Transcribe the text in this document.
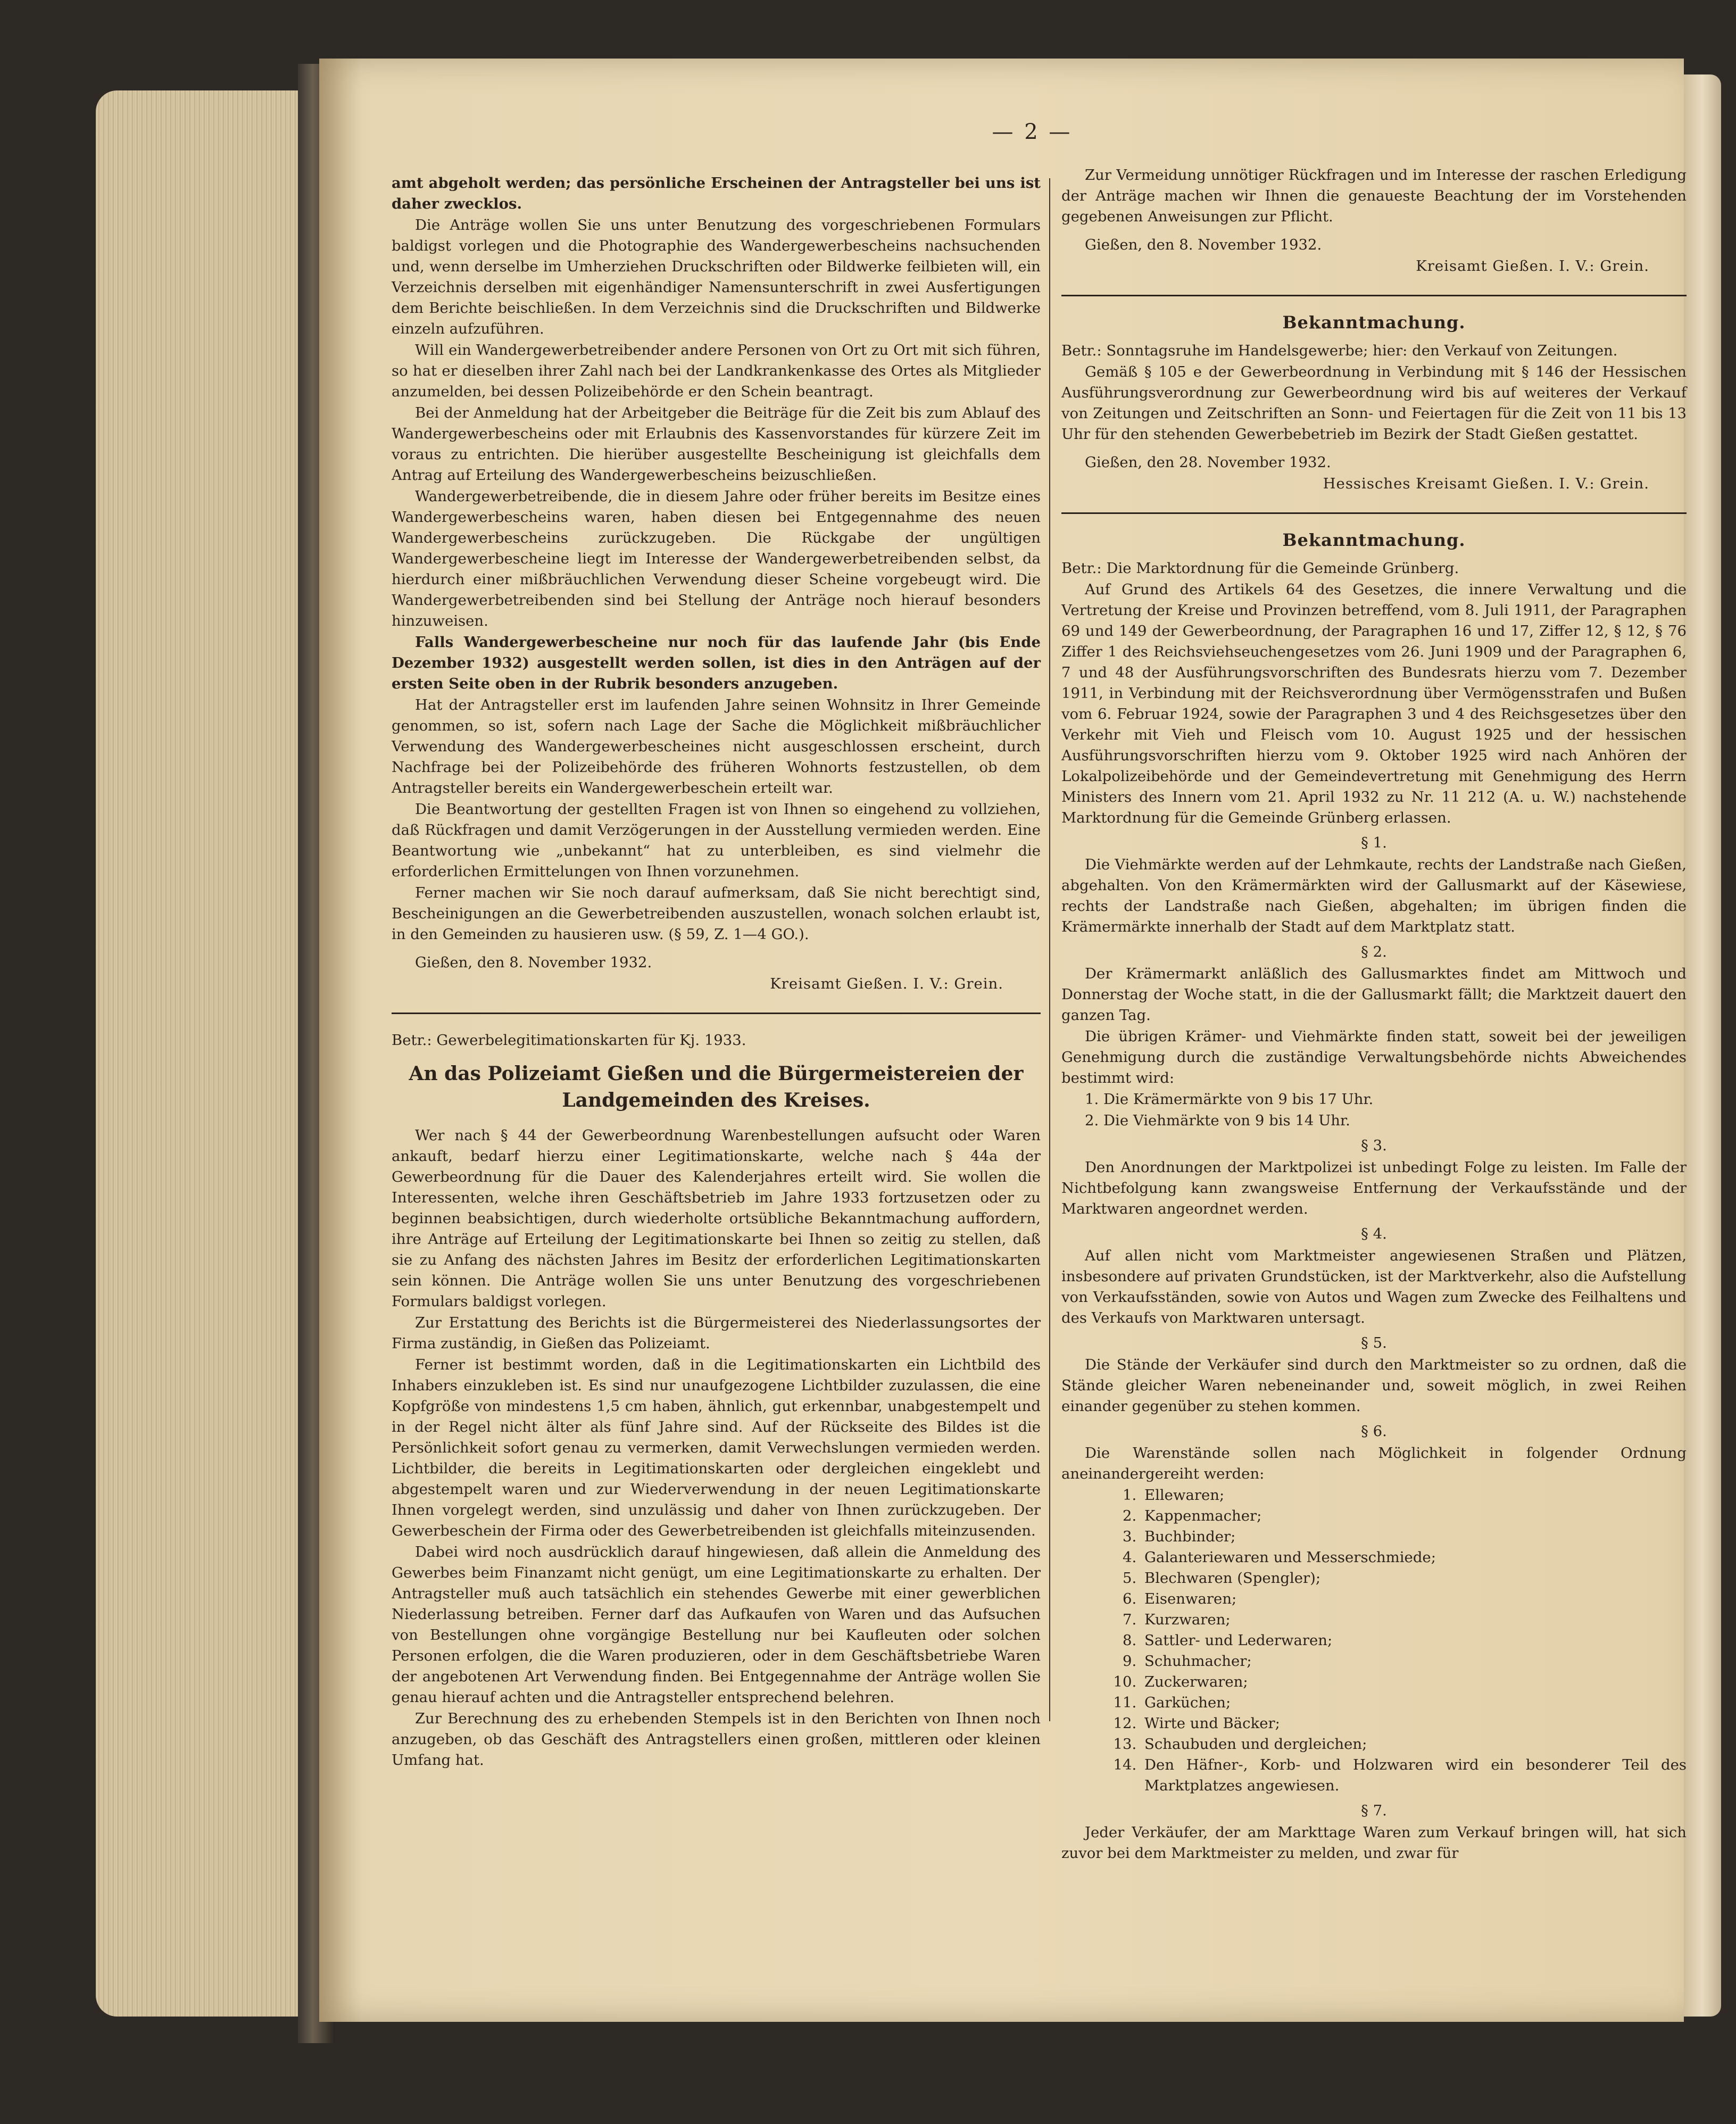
— 2 —

amt abgeholt werden; das persönliche Erscheinen der Antragsteller bei uns ist daher zwecklos.

Die Anträge wollen Sie uns unter Benutzung des vorgeschriebenen Formulars baldigst vorlegen und die Photographie des Wandergewerbescheins nachsuchenden und, wenn derselbe im Umherziehen Druckschriften oder Bildwerke feilbieten will, ein Verzeichnis derselben mit eigenhändiger Namensunterschrift in zwei Ausfertigungen dem Berichte beischließen. In dem Verzeichnis sind die Druckschriften und Bildwerke einzeln aufzuführen.

Will ein Wandergewerbetreibender andere Personen von Ort zu Ort mit sich führen, so hat er dieselben ihrer Zahl nach bei der Landkrankenkasse des Ortes als Mitglieder anzumelden, bei dessen Polizeibehörde er den Schein beantragt.

Bei der Anmeldung hat der Arbeitgeber die Beiträge für die Zeit bis zum Ablauf des Wandergewerbescheins oder mit Erlaubnis des Kassenvorstandes für kürzere Zeit im voraus zu entrichten. Die hierüber ausgestellte Bescheinigung ist gleichfalls dem Antrag auf Erteilung des Wandergewerbescheins beizuschließen.

Wandergewerbetreibende, die in diesem Jahre oder früher bereits im Besitze eines Wandergewerbescheins waren, haben diesen bei Entgegennahme des neuen Wandergewerbescheins zurückzugeben. Die Rückgabe der ungültigen Wandergewerbescheine liegt im Interesse der Wandergewerbetreibenden selbst, da hierdurch einer mißbräuchlichen Verwendung dieser Scheine vorgebeugt wird. Die Wandergewerbetreibenden sind bei Stellung der Anträge noch hierauf besonders hinzuweisen.

Falls Wandergewerbescheine nur noch für das laufende Jahr (bis Ende Dezember 1932) ausgestellt werden sollen, ist dies in den Anträgen auf der ersten Seite oben in der Rubrik besonders anzugeben.

Hat der Antragsteller erst im laufenden Jahre seinen Wohnsitz in Ihrer Gemeinde genommen, so ist, sofern nach Lage der Sache die Möglichkeit mißbräuchlicher Verwendung des Wandergewerbescheines nicht ausgeschlossen erscheint, durch Nachfrage bei der Polizeibehörde des früheren Wohnorts festzustellen, ob dem Antragsteller bereits ein Wandergewerbeschein erteilt war.

Die Beantwortung der gestellten Fragen ist von Ihnen so eingehend zu vollziehen, daß Rückfragen und damit Verzögerungen in der Ausstellung vermieden werden. Eine Beantwortung wie „unbekannt“ hat zu unterbleiben, es sind vielmehr die erforderlichen Ermittelungen von Ihnen vorzunehmen.

Ferner machen wir Sie noch darauf aufmerksam, daß Sie nicht berechtigt sind, Bescheinigungen an die Gewerbetreibenden auszustellen, wonach solchen erlaubt ist, in den Gemeinden zu hausieren usw. (§ 59, Z. 1—4 GO.).

Gießen, den 8. November 1932.

Kreisamt Gießen. I. V.: Grein.

Betr.: Gewerbelegitimationskarten für Kj. 1933.

An das Polizeiamt Gießen und die Bürgermeistereien der Landgemeinden des Kreises.

Wer nach § 44 der Gewerbeordnung Warenbestellungen aufsucht oder Waren ankauft, bedarf hierzu einer Legitimationskarte, welche nach § 44a der Gewerbeordnung für die Dauer des Kalenderjahres erteilt wird. Sie wollen die Interessenten, welche ihren Geschäftsbetrieb im Jahre 1933 fortzusetzen oder zu beginnen beabsichtigen, durch wiederholte ortsübliche Bekanntmachung auffordern, ihre Anträge auf Erteilung der Legitimationskarte bei Ihnen so zeitig zu stellen, daß sie zu Anfang des nächsten Jahres im Besitz der erforderlichen Legitimationskarten sein können. Die Anträge wollen Sie uns unter Benutzung des vorgeschriebenen Formulars baldigst vorlegen.

Zur Erstattung des Berichts ist die Bürgermeisterei des Niederlassungsortes der Firma zuständig, in Gießen das Polizeiamt.

Ferner ist bestimmt worden, daß in die Legitimationskarten ein Lichtbild des Inhabers einzukleben ist. Es sind nur unaufgezogene Lichtbilder zuzulassen, die eine Kopfgröße von mindestens 1,5 cm haben, ähnlich, gut erkennbar, unabgestempelt und in der Regel nicht älter als fünf Jahre sind. Auf der Rückseite des Bildes ist die Persönlichkeit sofort genau zu vermerken, damit Verwechslungen vermieden werden. Lichtbilder, die bereits in Legitimationskarten oder dergleichen eingeklebt und abgestempelt waren und zur Wiederverwendung in der neuen Legitimationskarte Ihnen vorgelegt werden, sind unzulässig und daher von Ihnen zurückzugeben. Der Gewerbeschein der Firma oder des Gewerbetreibenden ist gleichfalls miteinzusenden.

Dabei wird noch ausdrücklich darauf hingewiesen, daß allein die Anmeldung des Gewerbes beim Finanzamt nicht genügt, um eine Legitimationskarte zu erhalten. Der Antragsteller muß auch tatsächlich ein stehendes Gewerbe mit einer gewerblichen Niederlassung betreiben. Ferner darf das Aufkaufen von Waren und das Aufsuchen von Bestellungen ohne vorgängige Bestellung nur bei Kaufleuten oder solchen Personen erfolgen, die die Waren produzieren, oder in dem Geschäftsbetriebe Waren der angebotenen Art Verwendung finden. Bei Entgegennahme der Anträge wollen Sie genau hierauf achten und die Antragsteller entsprechend belehren.

Zur Berechnung des zu erhebenden Stempels ist in den Berichten von Ihnen noch anzugeben, ob das Geschäft des Antragstellers einen großen, mittleren oder kleinen Umfang hat.

Zur Vermeidung unnötiger Rückfragen und im Interesse der raschen Erledigung der Anträge machen wir Ihnen die genaueste Beachtung der im Vorstehenden gegebenen Anweisungen zur Pflicht.

Gießen, den 8. November 1932.

Kreisamt Gießen. I. V.: Grein.

Bekanntmachung.

Betr.: Sonntagsruhe im Handelsgewerbe; hier: den Verkauf von Zeitungen.

Gemäß § 105 e der Gewerbeordnung in Verbindung mit § 146 der Hessischen Ausführungsverordnung zur Gewerbeordnung wird bis auf weiteres der Verkauf von Zeitungen und Zeitschriften an Sonn- und Feiertagen für die Zeit von 11 bis 13 Uhr für den stehenden Gewerbebetrieb im Bezirk der Stadt Gießen gestattet.

Gießen, den 28. November 1932.

Hessisches Kreisamt Gießen. I. V.: Grein.

Bekanntmachung.

Betr.: Die Marktordnung für die Gemeinde Grünberg.

Auf Grund des Artikels 64 des Gesetzes, die innere Verwaltung und die Vertretung der Kreise und Provinzen betreffend, vom 8. Juli 1911, der Paragraphen 69 und 149 der Gewerbeordnung, der Paragraphen 16 und 17, Ziffer 12, § 12, § 76 Ziffer 1 des Reichsviehseuchengesetzes vom 26. Juni 1909 und der Paragraphen 6, 7 und 48 der Ausführungsvorschriften des Bundesrats hierzu vom 7. Dezember 1911, in Verbindung mit der Reichsverordnung über Vermögensstrafen und Bußen vom 6. Februar 1924, sowie der Paragraphen 3 und 4 des Reichsgesetzes über den Verkehr mit Vieh und Fleisch vom 10. August 1925 und der hessischen Ausführungsvorschriften hierzu vom 9. Oktober 1925 wird nach Anhören der Lokalpolizeibehörde und der Gemeindevertretung mit Genehmigung des Herrn Ministers des Innern vom 21. April 1932 zu Nr. 11 212 (A. u. W.) nachstehende Marktordnung für die Gemeinde Grünberg erlassen.

§ 1.

Die Viehmärkte werden auf der Lehmkaute, rechts der Landstraße nach Gießen, abgehalten. Von den Krämermärkten wird der Gallusmarkt auf der Käsewiese, rechts der Landstraße nach Gießen, abgehalten; im übrigen finden die Krämermärkte innerhalb der Stadt auf dem Marktplatz statt.

§ 2.

Der Krämermarkt anläßlich des Gallusmarktes findet am Mittwoch und Donnerstag der Woche statt, in die der Gallusmarkt fällt; die Marktzeit dauert den ganzen Tag.

Die übrigen Krämer- und Viehmärkte finden statt, soweit bei der jeweiligen Genehmigung durch die zuständige Verwaltungsbehörde nichts Abweichendes bestimmt wird:

1. Die Krämermärkte von 9 bis 17 Uhr.

2. Die Viehmärkte von 9 bis 14 Uhr.

§ 3.

Den Anordnungen der Marktpolizei ist unbedingt Folge zu leisten. Im Falle der Nichtbefolgung kann zwangsweise Entfernung der Verkaufsstände und der Marktwaren angeordnet werden.

§ 4.

Auf allen nicht vom Marktmeister angewiesenen Straßen und Plätzen, insbesondere auf privaten Grundstücken, ist der Marktverkehr, also die Aufstellung von Verkaufsständen, sowie von Autos und Wagen zum Zwecke des Feilhaltens und des Verkaufs von Marktwaren untersagt.

§ 5.

Die Stände der Verkäufer sind durch den Marktmeister so zu ordnen, daß die Stände gleicher Waren nebeneinander und, soweit möglich, in zwei Reihen einander gegenüber zu stehen kommen.

§ 6.

Die Warenstände sollen nach Möglichkeit in folgender Ordnung aneinandergereiht werden:

1. Ellewaren;
2. Kappenmacher;
3. Buchbinder;
4. Galanteriewaren und Messerschmiede;
5. Blechwaren (Spengler);
6. Eisenwaren;
7. Kurzwaren;
8. Sattler- und Lederwaren;
9. Schuhmacher;
10. Zuckerwaren;
11. Garküchen;
12. Wirte und Bäcker;
13. Schaubuden und dergleichen;
14. Den Häfner-, Korb- und Holzwaren wird ein besonderer Teil des Marktplatzes angewiesen.
§ 7.

Jeder Verkäufer, der am Markttage Waren zum Verkauf bringen will, hat sich zuvor bei dem Marktmeister zu melden, und zwar für
